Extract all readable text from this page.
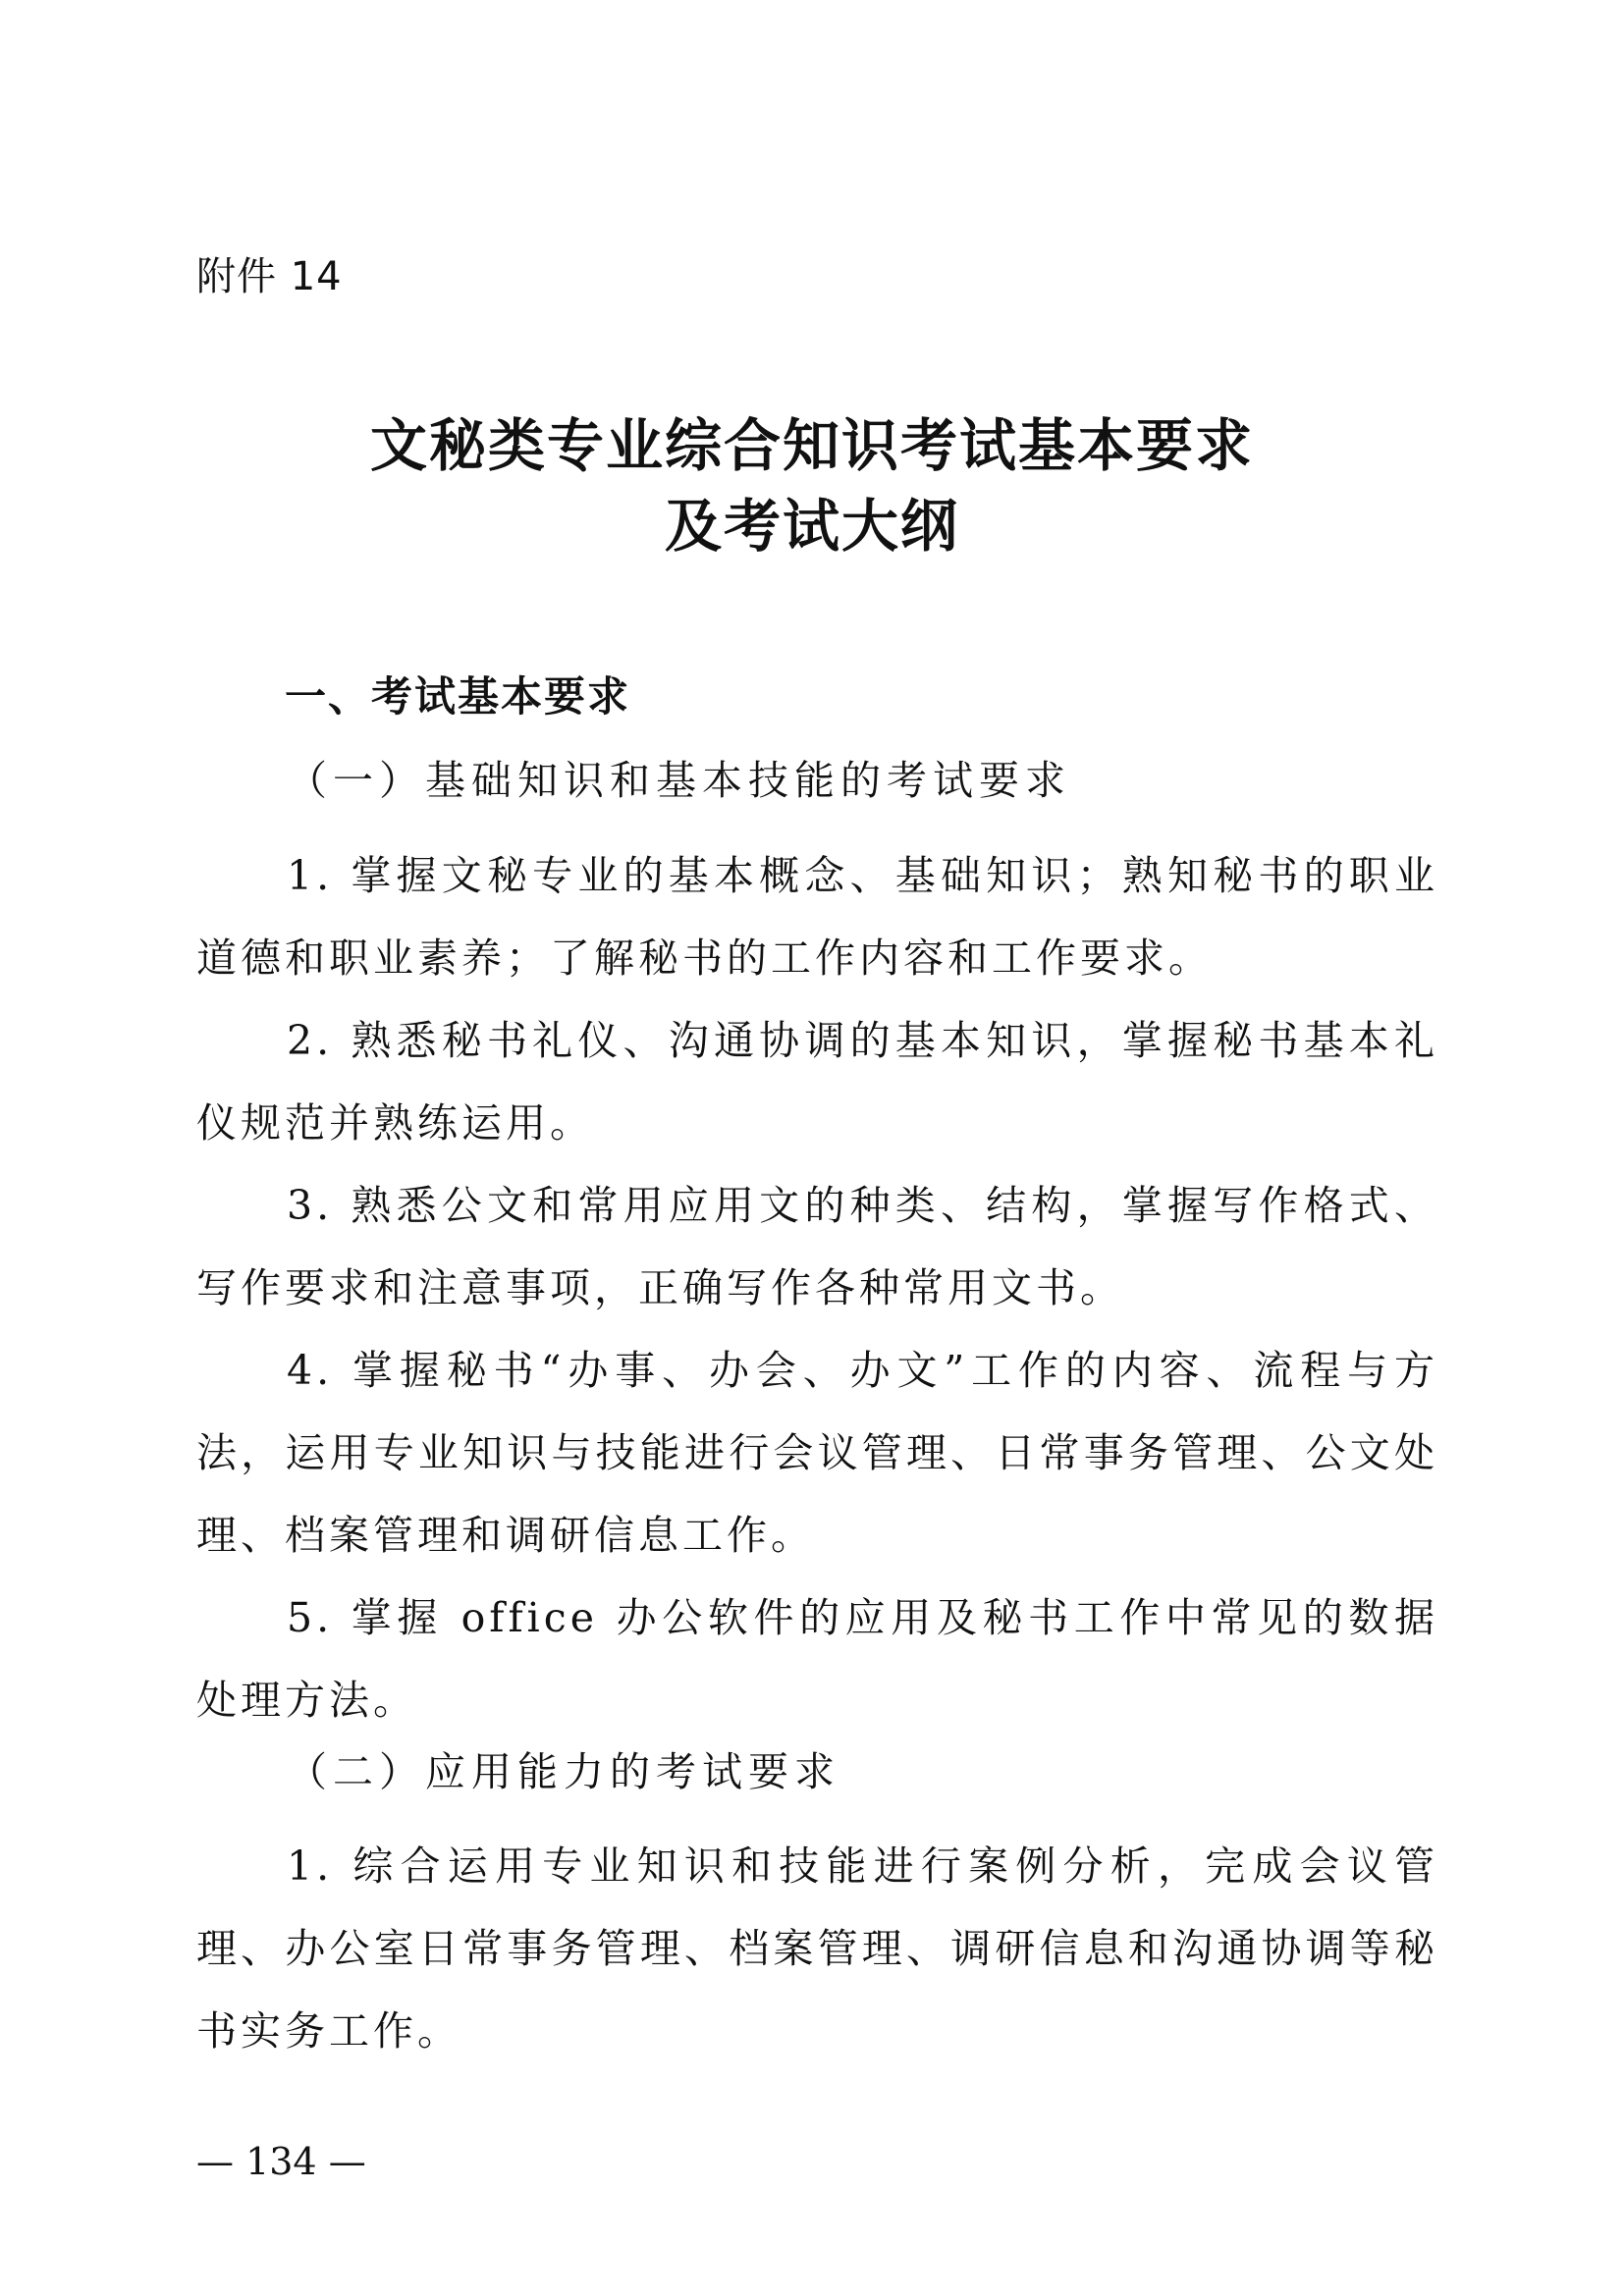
附件 14
文秘类专业综合知识考试基本要求
及考试大纲
一、考试基本要求
（一）基础知识和基本技能的考试要求

1. 掌握文秘专业的基本概念、基础知识；熟知秘书的职业道德和职业素养；了解秘书的工作内容和工作要求。

2. 熟悉秘书礼仪、沟通协调的基本知识，掌握秘书基本礼仪规范并熟练运用。

3. 熟悉公文和常用应用文的种类、结构，掌握写作格式、写作要求和注意事项，正确写作各种常用文书。

4. 掌握秘书“办事、办会、办文”工作的内容、流程与方法，运用专业知识与技能进行会议管理、日常事务管理、公文处理、档案管理和调研信息工作。

5. 掌握 office 办公软件的应用及秘书工作中常见的数据处理方法。

（二）应用能力的考试要求

1. 综合运用专业知识和技能进行案例分析，完成会议管理、办公室日常事务管理、档案管理、调研信息和沟通协调等秘书实务工作。

— 134 —
